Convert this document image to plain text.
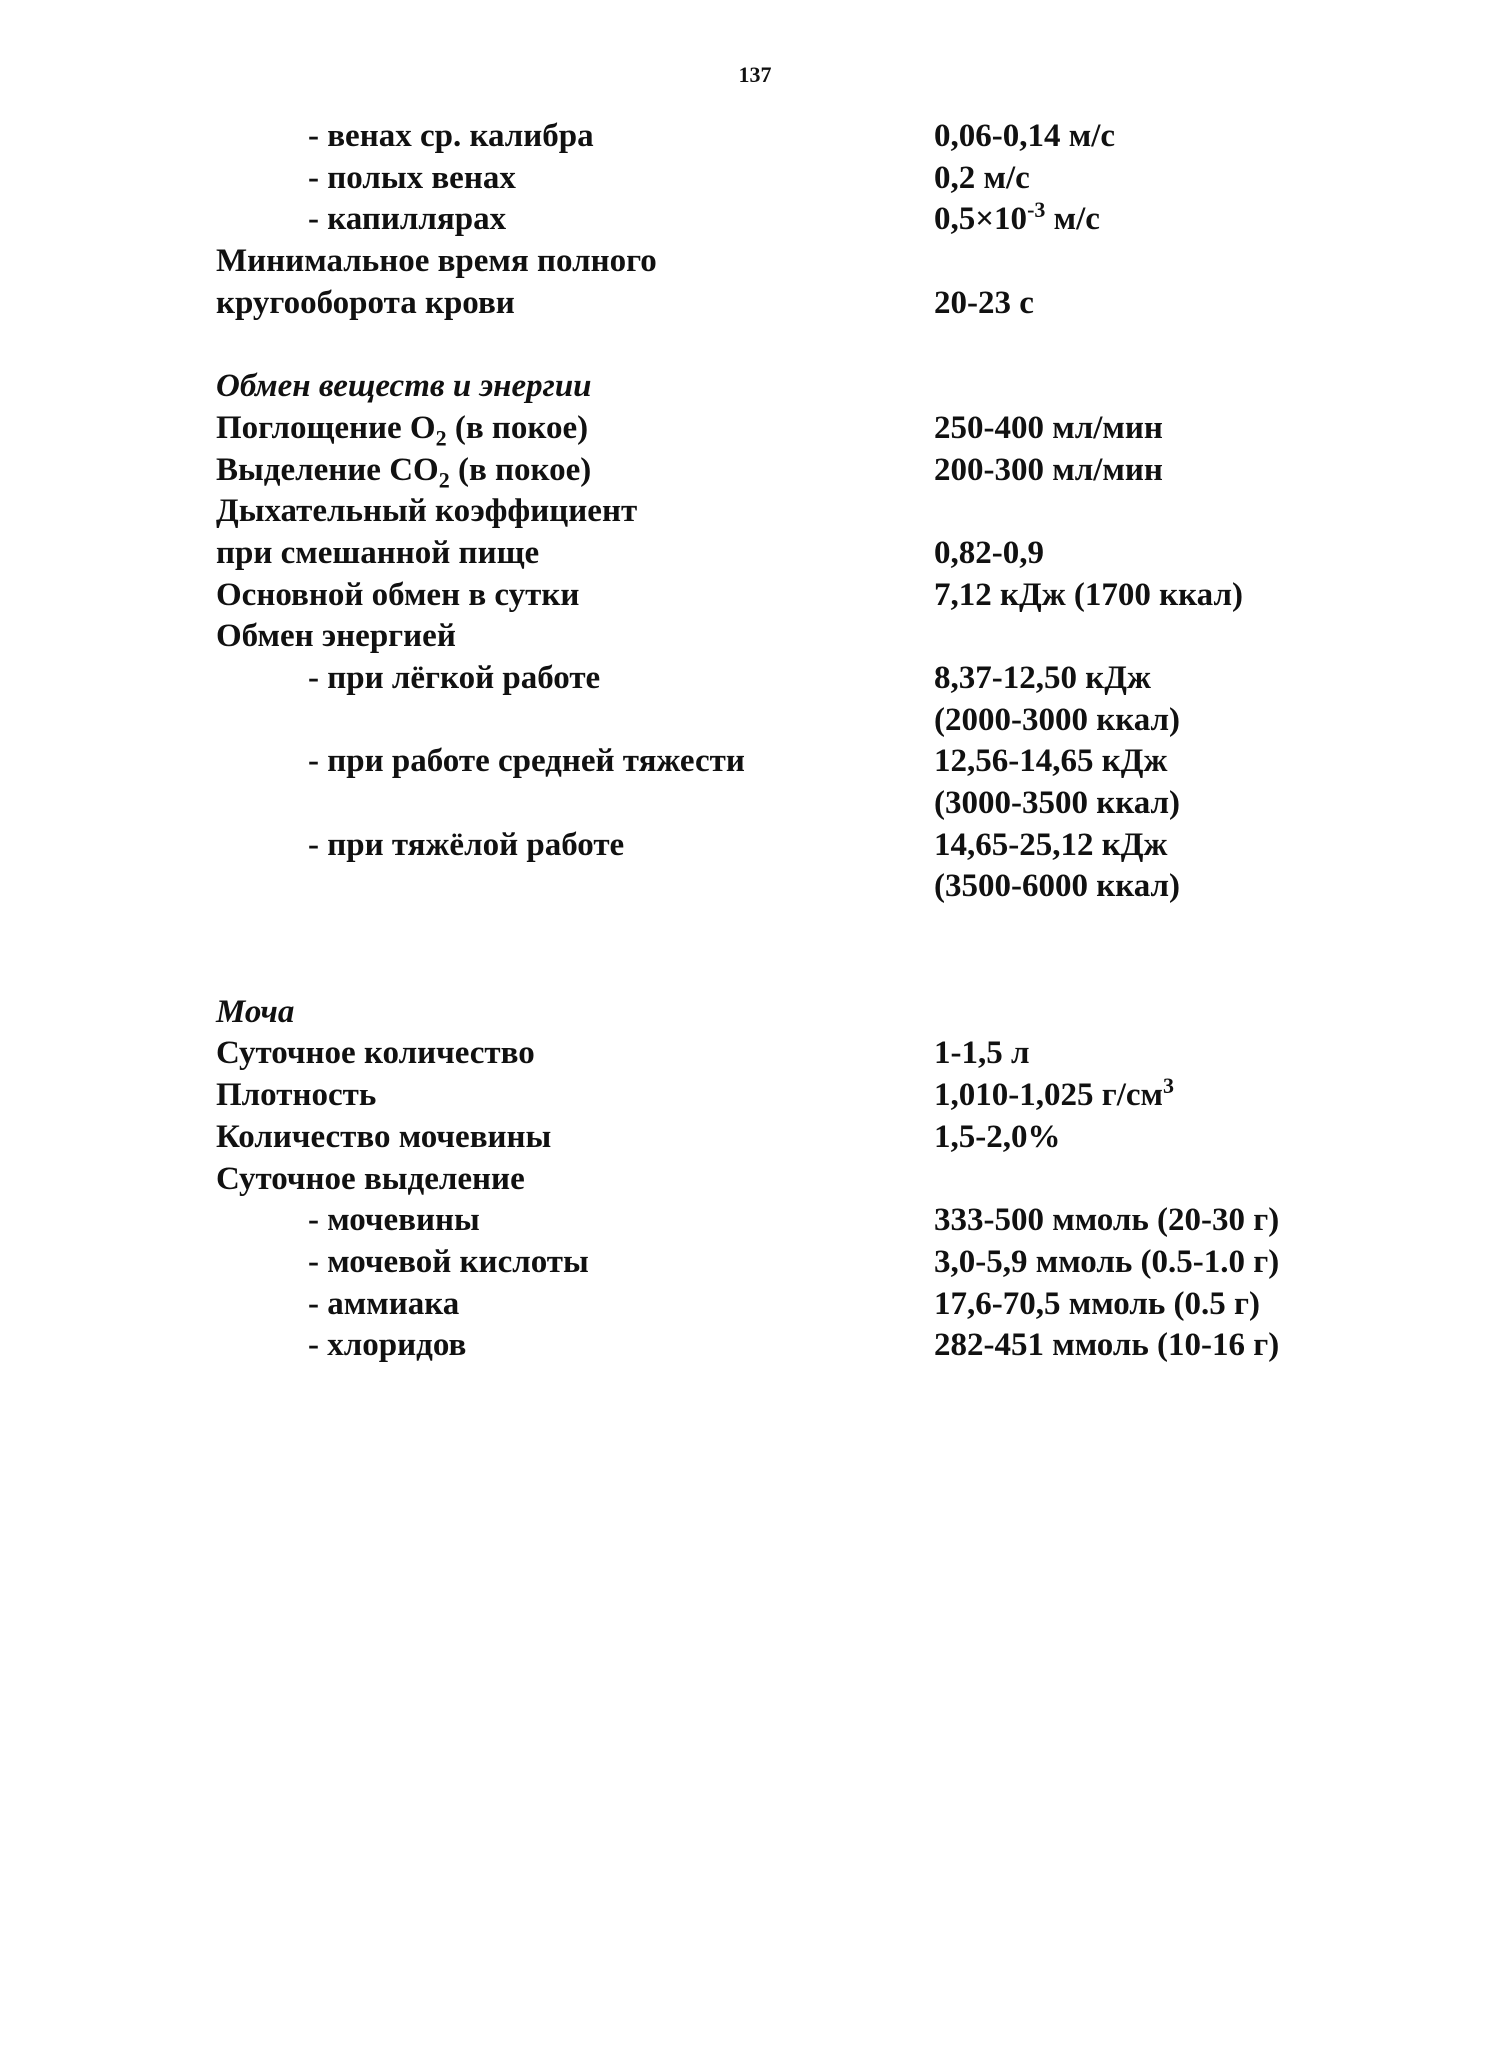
137
- венах ср. калибра	0,06-0,14 м/с
- полых венах	0,2 м/с
- капиллярах	$0,5\times 10^{-3}$ м/с
Минимальное время полного
кругооборота крови	20-23 с
Обмен веществ и энергии
Поглощение $O_2$ (в покое)	250-400 мл/мин
Выделение $CO_2$ (в покое)	200-300 мл/мин
Дыхательный коэффициент
при смешанной пище	0,82-0,9
Основной обмен в сутки	7,12 кДж (1700 ккал)
Обмен энергией
- при лёгкой работе	8,37-12,50 кДж
(2000-3000 ккал)
- при работе средней тяжести	12,56-14,65 кДж
(3000-3500 ккал)
- при тяжёлой работе	14,65-25,12 кДж
(3500-6000 ккал)
Моча
Суточное количество	1-1,5 л
Плотность	1,010-1,025 $г/см^3$
Количество мочевины	1,5-2,0%
Суточное выделение
- мочевины	333-500 ммоль (20-30 г)
- мочевой кислоты	3,0-5,9 ммоль (0.5-1.0 г)
- аммиака	17,6-70,5 ммоль (0.5 г)
- хлоридов	282-451 ммоль (10-16 г)
